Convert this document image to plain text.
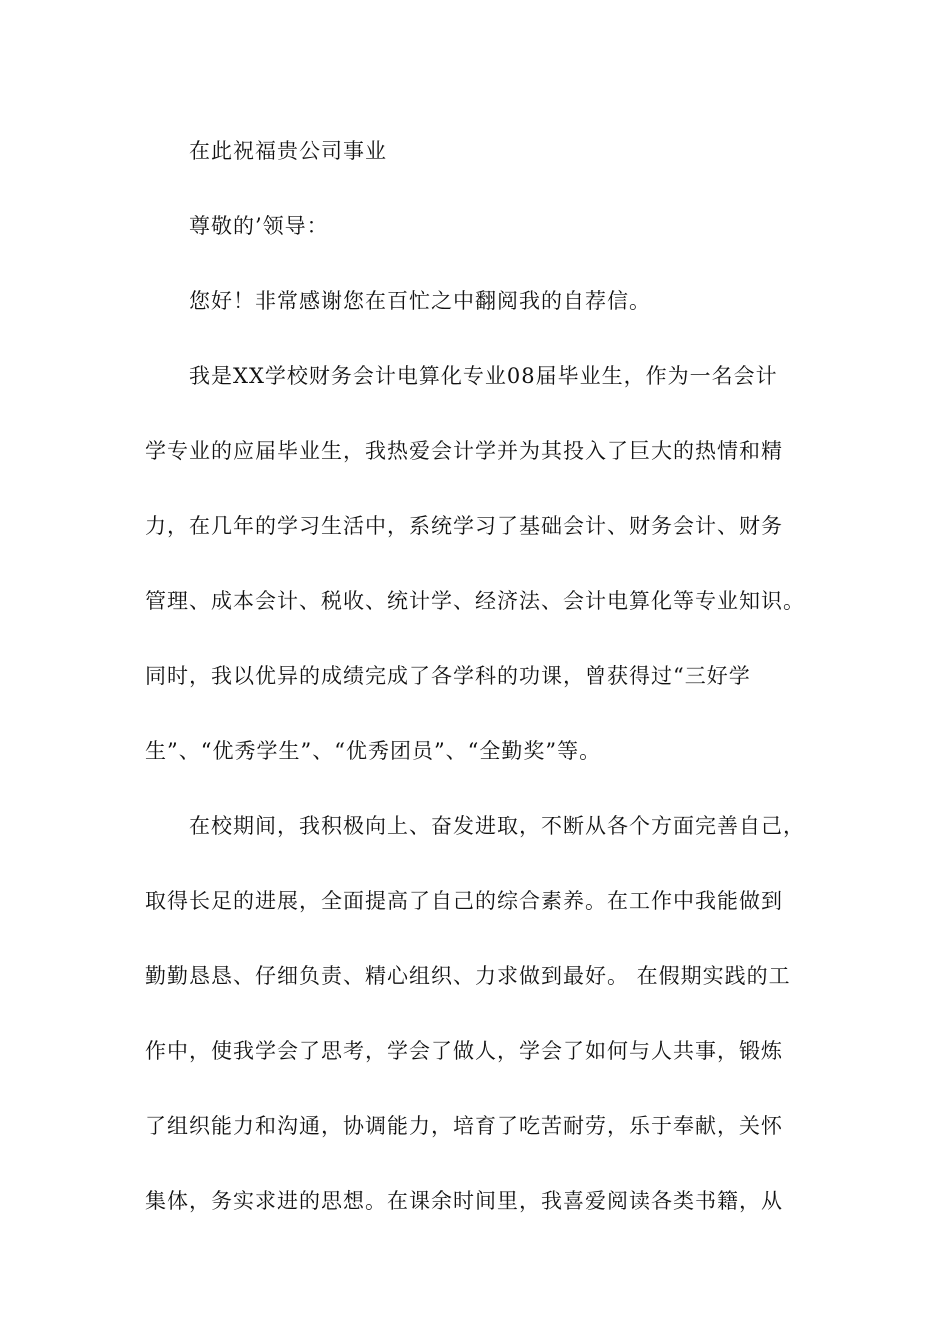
在此祝福贵公司事业

尊敬的’领导：

您好！非常感谢您在百忙之中翻阅我的自荐信。

我是XX学校财务会计电算化专业08届毕业生，作为一名会计

学专业的应届毕业生，我热爱会计学并为其投入了巨大的热情和精

力，在几年的学习生活中，系统学习了基础会计、财务会计、财务

管理、成本会计、税收、统计学、经济法、会计电算化等专业知识。

同时，我以优异的成绩完成了各学科的功课，曾获得过“三好学

生”、“优秀学生”、“优秀团员”、“全勤奖”等。

在校期间，我积极向上、奋发进取，不断从各个方面完善自己，

取得长足的进展，全面提高了自己的综合素养。在工作中我能做到

勤勤恳恳、仔细负责、精心组织、力求做到最好。 在假期实践的工

作中，使我学会了思考，学会了做人，学会了如何与人共事，锻炼

了组织能力和沟通，协调能力，培育了吃苦耐劳，乐于奉献，关怀

集体，务实求进的思想。在课余时间里，我喜爱阅读各类书籍，从
